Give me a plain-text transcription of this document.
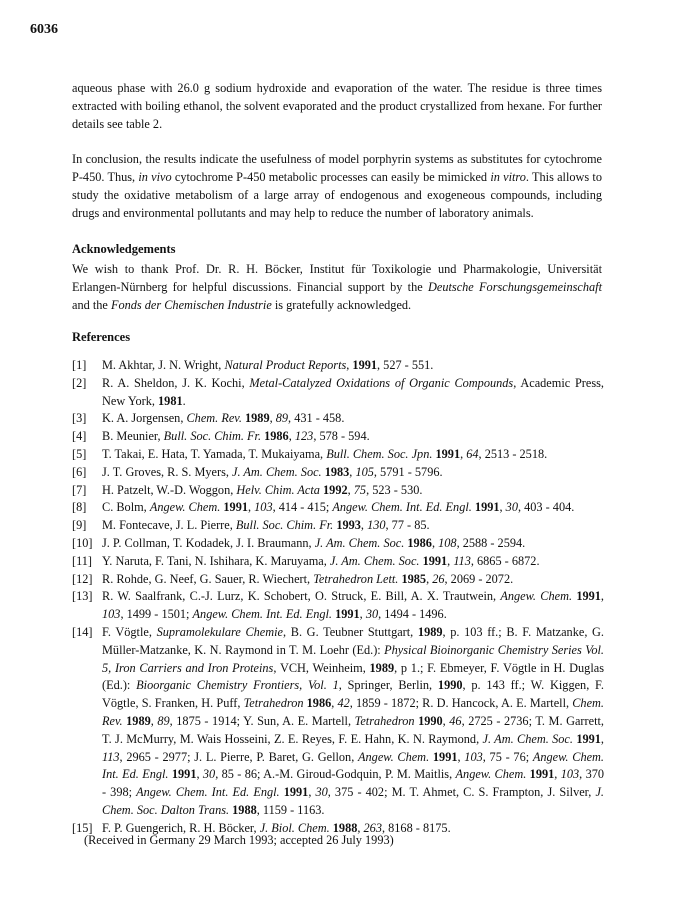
6036

aqueous phase with 26.0 g sodium hydroxide and evaporation of the water. The residue is three times extracted with boiling ethanol, the solvent evaporated and the product crystallized from hexane. For further details see table 2.

In conclusion, the results indicate the usefulness of model porphyrin systems as substitutes for cytochrome P-450. Thus, in vivo cytochrome P-450 metabolic processes can easily be mimicked in vitro. This allows to study the oxidative metabolism of a large array of endogenous and exogeneous compounds, including drugs and environmental pollutants and may help to reduce the number of laboratory animals.

Acknowledgements

We wish to thank Prof. Dr. R. H. Böcker, Institut für Toxikologie und Pharmakologie, Universität Erlangen-Nürnberg for helpful discussions. Financial support by the Deutsche Forschungsgemeinschaft and the Fonds der Chemischen Industrie is gratefully acknowledged.

References
[1] M. Akhtar, J. N. Wright, Natural Product Reports, 1991, 527 - 551.
[2] R. A. Sheldon, J. K. Kochi, Metal-Catalyzed Oxidations of Organic Compounds, Academic Press, New York, 1981.
[3] K. A. Jorgensen, Chem. Rev. 1989, 89, 431 - 458.
[4] B. Meunier, Bull. Soc. Chim. Fr. 1986, 123, 578 - 594.
[5] T. Takai, E. Hata, T. Yamada, T. Mukaiyama, Bull. Chem. Soc. Jpn. 1991, 64, 2513 - 2518.
[6] J. T. Groves, R. S. Myers, J. Am. Chem. Soc. 1983, 105, 5791 - 5796.
[7] H. Patzelt, W.-D. Woggon, Helv. Chim. Acta 1992, 75, 523 - 530.
[8] C. Bolm, Angew. Chem. 1991, 103, 414 - 415; Angew. Chem. Int. Ed. Engl. 1991, 30, 403 - 404.
[9] M. Fontecave, J. L. Pierre, Bull. Soc. Chim. Fr. 1993, 130, 77 - 85.
[10] J. P. Collman, T. Kodadek, J. I. Braumann, J. Am. Chem. Soc. 1986, 108, 2588 - 2594.
[11] Y. Naruta, F. Tani, N. Ishihara, K. Maruyama, J. Am. Chem. Soc. 1991, 113, 6865 - 6872.
[12] R. Rohde, G. Neef, G. Sauer, R. Wiechert, Tetrahedron Lett. 1985, 26, 2069 - 2072.
[13] R. W. Saalfrank, C.-J. Lurz, K. Schobert, O. Struck, E. Bill, A. X. Trautwein, Angew. Chem. 1991, 103, 1499 - 1501; Angew. Chem. Int. Ed. Engl. 1991, 30, 1494 - 1496.
[14] F. Vögtle, Supramolekulare Chemie, B. G. Teubner Stuttgart, 1989, p. 103 ff.; B. F. Matzanke, G. Müller-Matzanke, K. N. Raymond in T. M. Loehr (Ed.): Physical Bioinorganic Chemistry Series Vol. 5, Iron Carriers and Iron Proteins, VCH, Weinheim, 1989, p 1.; F. Ebmeyer, F. Vögtle in H. Duglas (Ed.): Bioorganic Chemistry Frontiers, Vol. 1, Springer, Berlin, 1990, p. 143 ff.; W. Kiggen, F. Vögtle, S. Franken, H. Puff, Tetrahedron 1986, 42, 1859 - 1872; R. D. Hancock, A. E. Martell, Chem. Rev. 1989, 89, 1875 - 1914; Y. Sun, A. E. Martell, Tetrahedron 1990, 46, 2725 - 2736; T. M. Garrett, T. J. McMurry, M. Wais Hosseini, Z. E. Reyes, F. E. Hahn, K. N. Raymond, J. Am. Chem. Soc. 1991, 113, 2965 - 2977; J. L. Pierre, P. Baret, G. Gellon, Angew. Chem. 1991, 103, 75 - 76; Angew. Chem. Int. Ed. Engl. 1991, 30, 85 - 86; A.-M. Giroud-Godquin, P. M. Maitlis, Angew. Chem. 1991, 103, 370 - 398; Angew. Chem. Int. Ed. Engl. 1991, 30, 375 - 402; M. T. Ahmet, C. S. Frampton, J. Silver, J. Chem. Soc. Dalton Trans. 1988, 1159 - 1163.
[15] F. P. Guengerich, R. H. Böcker, J. Biol. Chem. 1988, 263, 8168 - 8175.
(Received in Germany 29 March 1993; accepted 26 July 1993)
